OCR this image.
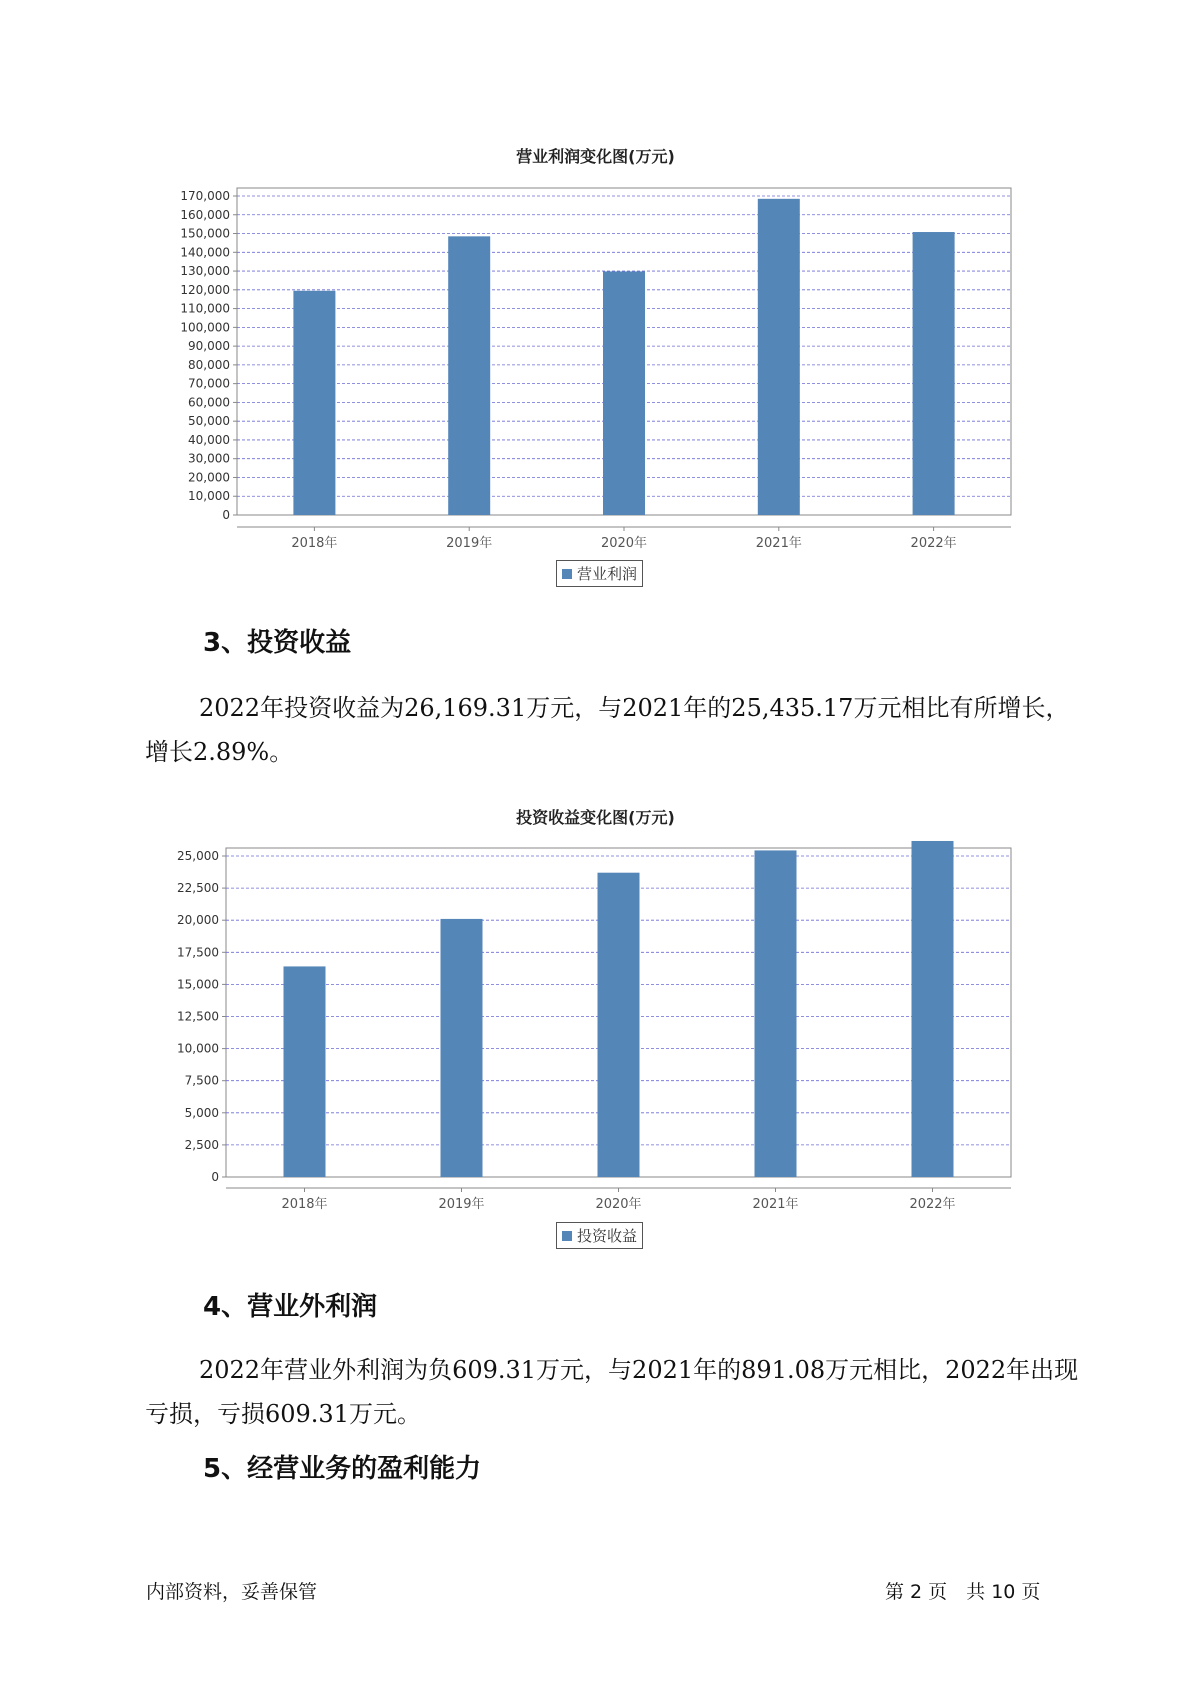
营业利润变化图(万元)
0
10,000
20,000
30,000
40,000
50,000
60,000
70,000
80,000
90,000
100,000
110,000
120,000
130,000
140,000
150,000
160,000
170,000
2018年	2019年	2020年	2021年	2022年
营业利润
3、投资收益
2022年投资收益为26,169.31万元，与2021年的25,435.17万元相比有所增长，增长2.89%。
投资收益变化图(万元)
0
2,500
5,000
7,500
10,000
12,500
15,000
17,500
20,000
22,500
25,000
2018年	2019年	2020年	2021年	2022年
投资收益
4、营业外利润
2022年营业外利润为负609.31万元，与2021年的891.08万元相比，2022年出现亏损，亏损609.31万元。
5、经营业务的盈利能力
内部资料，妥善保管	第 2 页　共 10 页
